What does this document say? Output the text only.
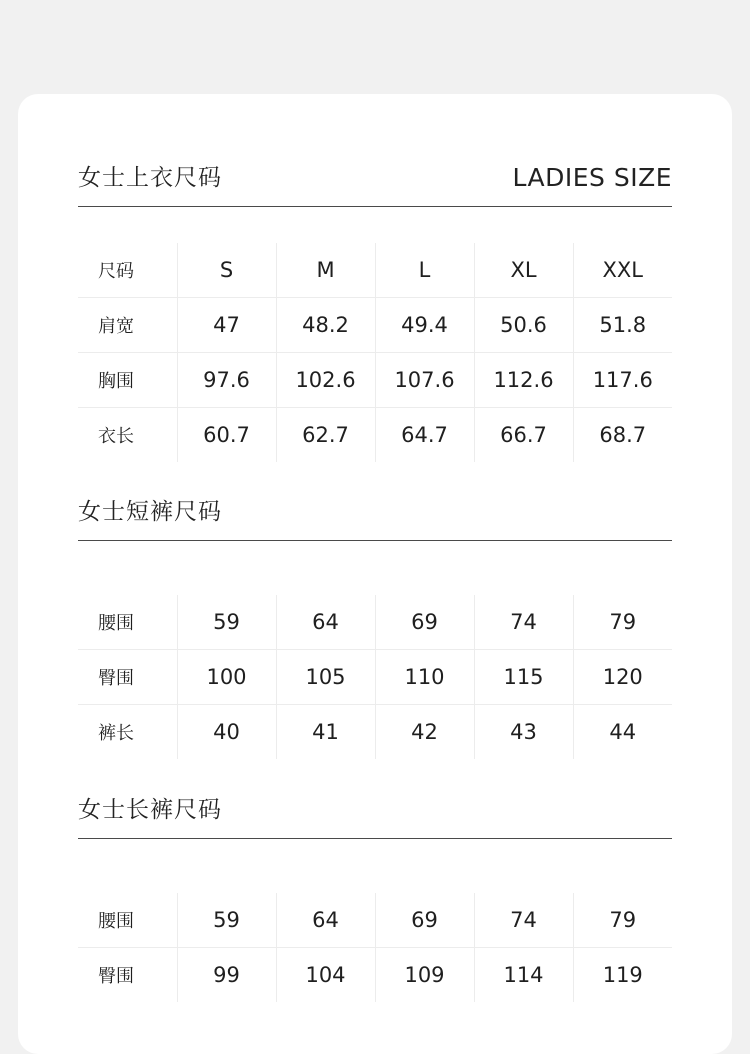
女士上衣尺码	LADIES SIZE
尺码	S	M	L	XL	XXL
肩宽	47	48.2	49.4	50.6	51.8
胸围	97.6	102.6	107.6	112.6	117.6
衣长	60.7	62.7	64.7	66.7	68.7
女士短裤尺码
腰围	59	64	69	74	79
臀围	100	105	110	115	120
裤长	40	41	42	43	44
女士长裤尺码
腰围	59	64	69	74	79
臀围	99	104	109	114	119
